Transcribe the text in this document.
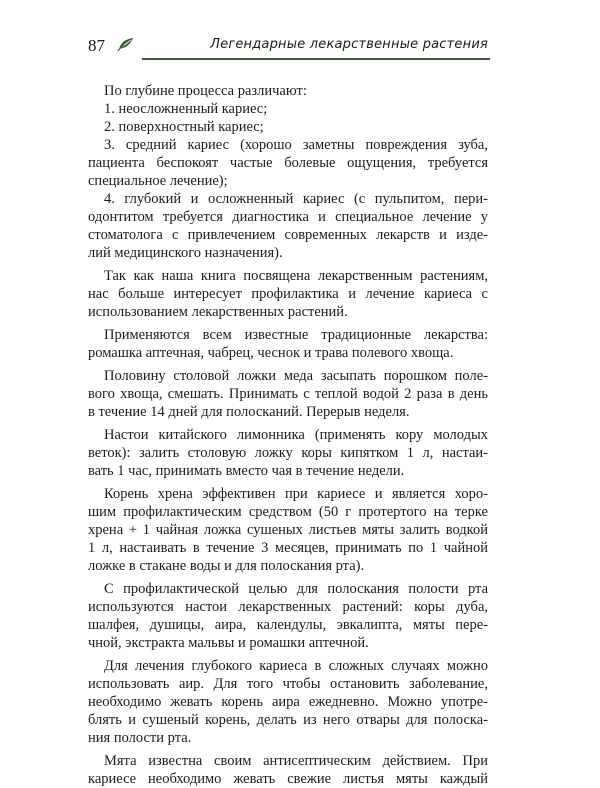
87	Легендарные лекарственные растения
По глубине процесса различают:
1. неосложненный кариес;
2. поверхностный кариес;
3. средний кариес (хорошо заметны повреждения зуба,
пациента беспокоят частые болевые ощущения, требуется
специальное лечение);
4. глубокий и осложненный кариес (с пульпитом, пери-
одонтитом требуется диагностика и специальное лечение у
стоматолога с привлечением современных лекарств и изде-
лий медицинского назначения).
Так как наша книга посвящена лекарственным растениям,
нас больше интересует профилактика и лечение кариеса с
использованием лекарственных растений.
Применяются всем известные традиционные лекарства:
ромашка аптечная, чабрец, чеснок и трава полевого хвоща.
Половину столовой ложки меда засыпать порошком поле-
вого хвоща, смешать. Принимать с теплой водой 2 раза в день
в течение 14 дней для полосканий. Перерыв неделя.
Настои китайского лимонника (применять кору молодых
веток): залить столовую ложку коры кипятком 1 л, настаи-
вать 1 час, принимать вместо чая в течение недели.
Корень хрена эффективен при кариесе и является хоро-
шим профилактическим средством (50 г протертого на терке
хрена + 1 чайная ложка сушеных листьев мяты залить водкой
1 л, настаивать в течение 3 месяцев, принимать по 1 чайной
ложке в стакане воды и для полоскания рта).
С профилактической целью для полоскания полости рта
используются настои лекарственных растений: коры дуба,
шалфея, душицы, аира, календулы, эвкалипта, мяты пере-
чной, экстракта мальвы и ромашки аптечной.
Для лечения глубокого кариеса в сложных случаях можно
использовать аир. Для того чтобы остановить заболевание,
необходимо жевать корень аира ежедневно. Можно употре-
блять и сушеный корень, делать из него отвары для полоска-
ния полости рта.
Мята известна своим антисептическим действием. При
кариесе необходимо жевать свежие листья мяты каждый
